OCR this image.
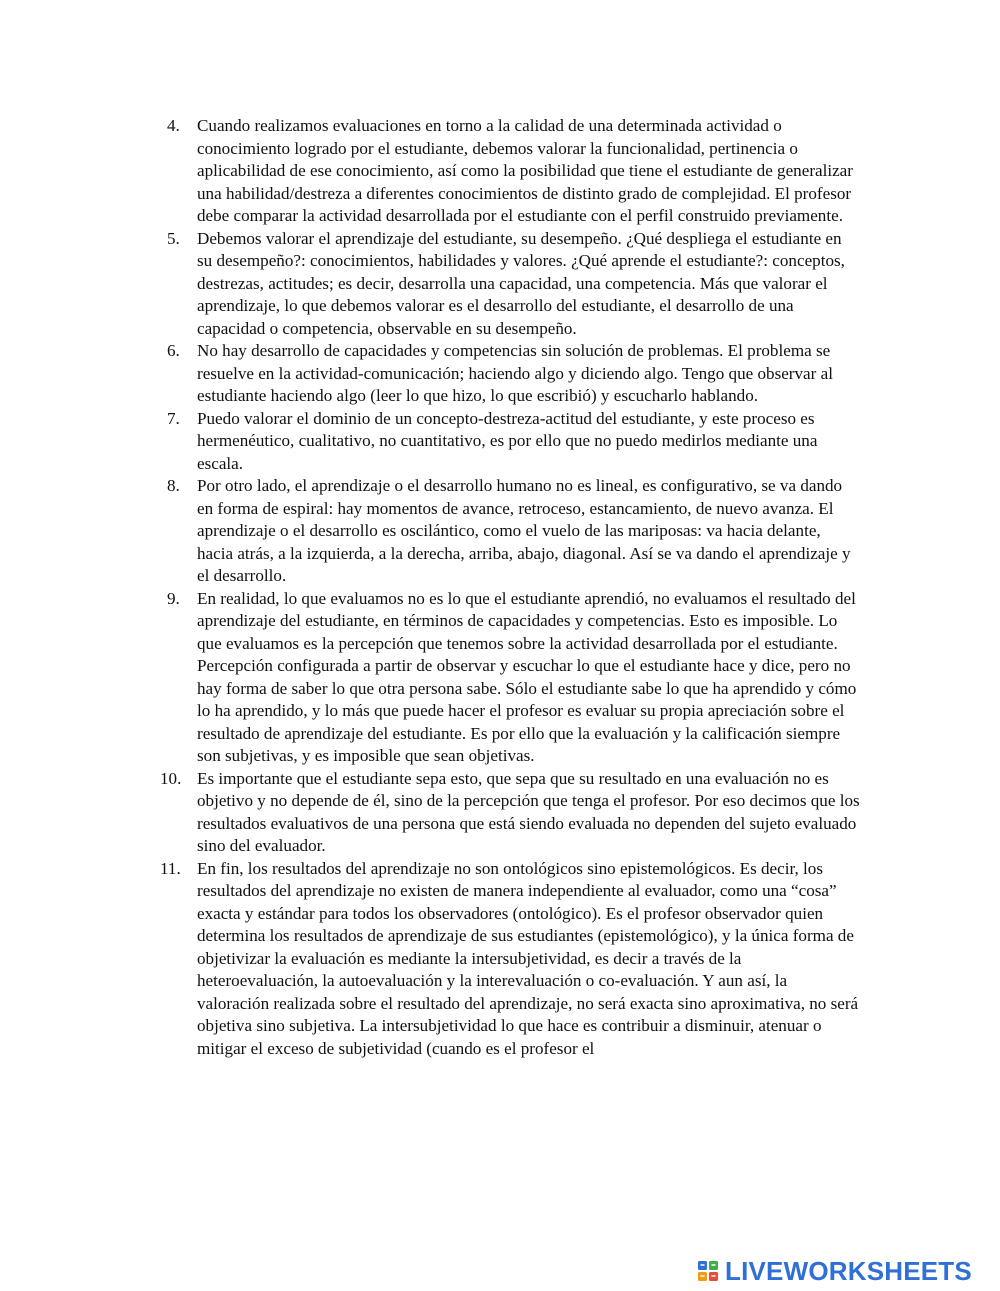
4.	Cuando realizamos evaluaciones en torno a la calidad de una determinada actividad o conocimiento logrado por el estudiante, debemos valorar la funcionalidad, pertinencia o aplicabilidad de ese conocimiento, así como la posibilidad que tiene el estudiante de generalizar una habilidad/destreza a diferentes conocimientos de distinto grado de complejidad. El profesor debe comparar la actividad desarrollada por el estudiante con el perfil construido previamente.
5.	Debemos valorar el aprendizaje del estudiante, su desempeño. ¿Qué despliega el estudiante en su desempeño?: conocimientos, habilidades y valores. ¿Qué aprende el estudiante?: conceptos, destrezas, actitudes; es decir, desarrolla una capacidad, una competencia. Más que valorar el aprendizaje, lo que debemos valorar es el desarrollo del estudiante, el desarrollo de una capacidad o competencia, observable en su desempeño.
6.	No hay desarrollo de capacidades y competencias sin solución de problemas. El problema se resuelve en la actividad-comunicación; haciendo algo y diciendo algo. Tengo que observar al estudiante haciendo algo (leer lo que hizo, lo que escribió) y escucharlo hablando.
7.	Puedo valorar el dominio de un concepto-destreza-actitud del estudiante, y este proceso es hermenéutico, cualitativo, no cuantitativo, es por ello que no puedo medirlos mediante una escala.
8.	Por otro lado, el aprendizaje o el desarrollo humano no es lineal, es configurativo, se va dando en forma de espiral: hay momentos de avance, retroceso, estancamiento, de nuevo avanza. El aprendizaje o el desarrollo es oscilántico, como el vuelo de las mariposas: va hacia delante, hacia atrás, a la izquierda, a la derecha, arriba, abajo, diagonal. Así se va dando el aprendizaje y el desarrollo.
9.	En realidad, lo que evaluamos no es lo que el estudiante aprendió, no evaluamos el resultado del aprendizaje del estudiante, en términos de capacidades y competencias. Esto es imposible. Lo que evaluamos es la percepción que tenemos sobre la actividad desarrollada por el estudiante. Percepción configurada a partir de observar y escuchar lo que el estudiante hace y dice, pero no hay forma de saber lo que otra persona sabe. Sólo el estudiante sabe lo que ha aprendido y cómo lo ha aprendido, y lo más que puede hacer el profesor es evaluar su propia apreciación sobre el resultado de aprendizaje del estudiante. Es por ello que la evaluación y la calificación siempre son subjetivas, y es imposible que sean objetivas.
10. Es importante que el estudiante sepa esto, que sepa que su resultado en una evaluación no es objetivo y no depende de él, sino de la percepción que tenga el profesor. Por eso decimos que los resultados evaluativos de una persona que está siendo evaluada no dependen del sujeto evaluado sino del evaluador.
11. En fin, los resultados del aprendizaje no son ontológicos sino epistemológicos. Es decir, los resultados del aprendizaje no existen de manera independiente al evaluador, como una “cosa” exacta y estándar para todos los observadores (ontológico). Es el profesor observador quien determina los resultados de aprendizaje de sus estudiantes (epistemológico), y la única forma de objetivizar la evaluación es mediante la intersubjetividad, es decir a través de la heteroevaluación, la autoevaluación y la interevaluación o co-evaluación. Y aun así, la valoración realizada sobre el resultado del aprendizaje, no será exacta sino aproximativa, no será objetiva sino subjetiva. La intersubjetividad lo que hace es contribuir a disminuir, atenuar o mitigar el exceso de subjetividad (cuando es el profesor el
LIVEWORKSHEETS
